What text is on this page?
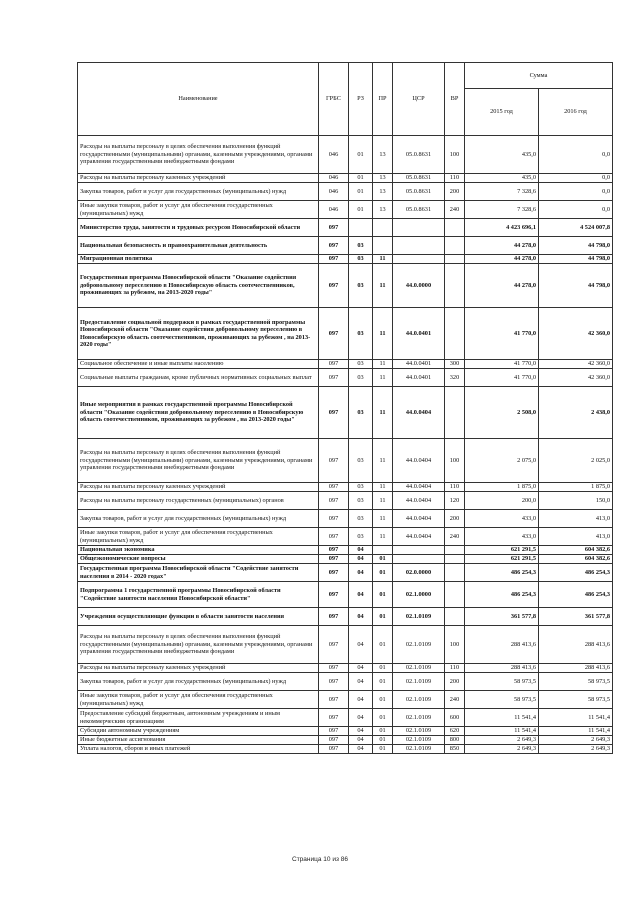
Наименование	ГРБС	РЗ	ПР	ЦСР	ВР	Сумма	
						2015 год	2016 год
Расходы на выплаты персоналу в целях обеспечения выполнения функций государственными (муниципальными) органами, казенными учреждениями, органами управления государственными внебюджетными фондами	046	01	13	05.0.8631	100	435,0	0,0
Расходы на выплаты персоналу казенных учреждений	046	01	13	05.0.8631	110	435,0	0,0
Закупка товаров, работ и услуг для государственных (муниципальных) нужд	046	01	13	05.0.8631	200	7 328,6	0,0
Иные закупки товаров, работ и услуг для обеспечения государственных (муниципальных) нужд	046	01	13	05.0.8631	240	7 328,6	0,0
Министерство труда, занятости и трудовых ресурсов Новосибирской области	097					4 423 696,1	4 524 007,8
Национальная безопасность и правоохранительная деятельность	097	03				44 278,0	44 798,0
Миграционная политика	097	03	11			44 278,0	44 798,0
Государственная программа Новосибирской области "Оказание содействия добровольному переселению в Новосибирскую область соотечественников, проживающих за рубежом, на 2013-2020 годы"	097	03	11	44.0.0000		44 278,0	44 798,0
Предоставление социальной поддержки в рамках государственной программы Новосибирской области "Оказание содействия добровольному переселению в Новосибирскую область соотечественников, проживающих за рубежом , на 2013-2020 годы"	097	03	11	44.0.0401		41 770,0	42 360,0
Социальное обеспечение и иные выплаты населению	097	03	11	44.0.0401	300	41 770,0	42 360,0
Социальные выплаты гражданам, кроме публичных нормативных социальных выплат	097	03	11	44.0.0401	320	41 770,0	42 360,0
Иные мероприятия в рамках государственной программы Новосибирской области "Оказание содействия добровольному переселению в Новосибирскую область соотечественников, проживающих за рубежом , на 2013-2020 годы"	097	03	11	44.0.0404		2 508,0	2 438,0
Расходы на выплаты персоналу в целях обеспечения выполнения функций государственными (муниципальными) органами, казенными учреждениями, органами управления государственными внебюджетными фондами	097	03	11	44.0.0404	100	2 075,0	2 025,0
Расходы на выплаты персоналу казенных учреждений	097	03	11	44.0.0404	110	1 875,0	1 875,0
Расходы на выплаты персоналу государственных (муниципальных) органов	097	03	11	44.0.0404	120	200,0	150,0
Закупка товаров, работ и услуг для государственных (муниципальных) нужд	097	03	11	44.0.0404	200	433,0	413,0
Иные закупки товаров, работ и услуг для обеспечения государственных (муниципальных) нужд	097	03	11	44.0.0404	240	433,0	413,0
Национальная экономика	097	04				621 291,5	604 382,6
Общеэкономические вопросы	097	04	01			621 291,5	604 382,6
Государственная программа Новосибирской области "Содействие занятости населения в 2014 - 2020 годах"	097	04	01	02.0.0000		486 254,3	486 254,3
Подпрограмма 1 государственной программы Новосибирской области "Содействие занятости населения Новосибирской области"	097	04	01	02.1.0000		486 254,3	486 254,3
Учреждения осуществляющие функции в области занятости населения	097	04	01	02.1.0109		361 577,8	361 577,8
Расходы на выплаты персоналу в целях обеспечения выполнения функций государственными (муниципальными) органами, казенными учреждениями, органами управления государственными внебюджетными фондами	097	04	01	02.1.0109	100	288 413,6	288 413,6
Расходы на выплаты персоналу казенных учреждений	097	04	01	02.1.0109	110	288 413,6	288 413,6
Закупка товаров, работ и услуг для государственных (муниципальных) нужд	097	04	01	02.1.0109	200	58 973,5	58 973,5
Иные закупки товаров, работ и услуг для обеспечения государственных (муниципальных) нужд	097	04	01	02.1.0109	240	58 973,5	58 973,5
Предоставление субсидий бюджетным, автономным учреждениям и иным некоммерческим организациям	097	04	01	02.1.0109	600	11 541,4	11 541,4
Субсидии автономным учреждениям	097	04	01	02.1.0109	620	11 541,4	11 541,4
Иные бюджетные ассигнования	097	04	01	02.1.0109	800	2 649,3	2 649,3
Уплата налогов, сборов и иных платежей	097	04	01	02.1.0109	850	2 649,3	2 649,3
Страница 10 из 86
